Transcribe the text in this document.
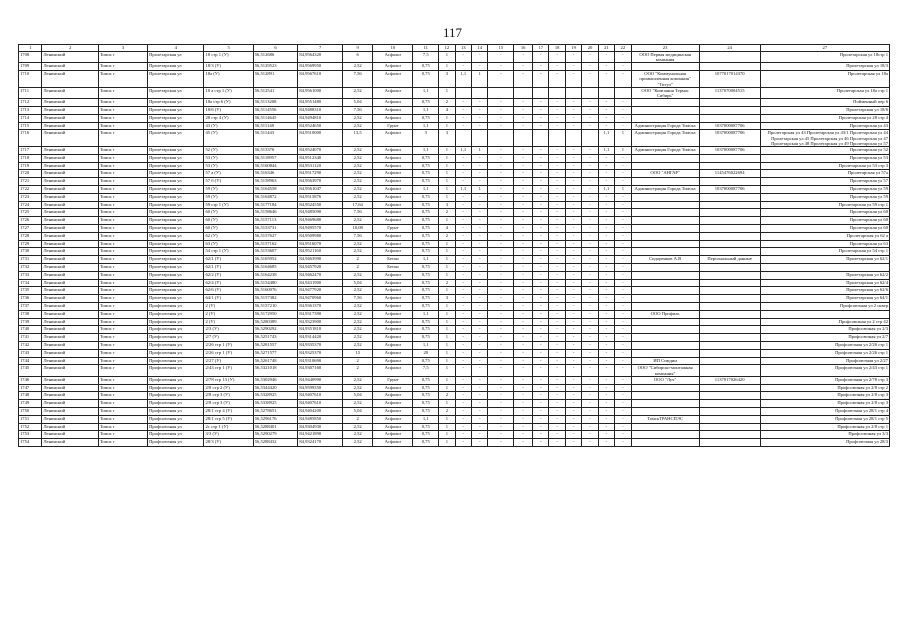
117
1	2	3	4	5	6	7	9	10	11	12	13	14	15	16	17	18	19	20	21	22	23	24	27
1708	Ленинский	Томск г	Пролетарская ул	18 стр 1 (У)	56,512686	84,9564320	6	Асфальт	7,5	1	-	-	-	-	-	-	-	-	-	-	ООО Первая медицинская компания		Пролетарская ул 18стр 1
1709	Ленинский	Томск г	Пролетарская ул	18/3 (У)	56,5129523	84,9569950	2,52	Асфальт	0,75	1	-	-	-	-	-	-	-	-	-	-			Пролетарская ул 18/3
1710	Ленинский	Томск г	Пролетарская ул	18а (У)	56,512891	84,9567610	7,56	Асфальт	0,75	3	1,1	1	-	-	-	-	-	-	-	-	ООО "Коммунальная промышленная компания" "Титул"	1077017014370	Пролетарская ул 18а
1711	Ленинский	Томск г	Пролетарская ул	18 а стр 1 (У)	56,512541	84,9561000	2,52	Асфальт	1,1	1											ООО "Компания Термас Сибирь"	1137070004515	Пролетарская ул 18а стр 1
1712	Ленинский	Томск г	Пролетарская ул	18а стр 6 (У)	56,5113208	84,9551480	5,04	Асфальт	0,75	2	-	-	-	-	-	-	-	-	-	-			Пойменный пер 6
1713	Ленинский	Томск г	Пролетарская ул	18/6 (У)	56,5114556	84,9488310	7,56	Асфальт	1,1	4	-	-	-	-	-	-	-	-	-	-			Пролетарская ул 18/6
1714	Ленинский	Томск г	Пролетарская ул	28 стр 4 (У)	56,5114645	84,9494810	2,52	Асфальт	0,75	1	-	-	-	-	-	-	-	-	-	-			Пролетарская ул 28 стр 4
1715	Ленинский	Томск г	Пролетарская ул	43 (У)	56,511148	84,9524650	2,52	Грунт	1,1	1	-	-	-	-	-	-	-	-	-	-	Администрация Города Томска	1037000087706	Пролетарская ул 43
1716	Ленинский	Томск г	Пролетарская ул	45 (У)	56,511443	84,9510000	13,5	Асфальт	3	3									1,1	1	Администрация Города Томска	1037000087706	Пролетарская ул 43 Пролетарская ул 43/1 Пролетарская ул 44 Пролетарская ул 45 Пролетарская ул 46 Пролетарская ул 47 Пролетарская ул 48 Пролетарская ул 49 Пролетарская ул 57
1717	Ленинский	Томск г	Пролетарская ул	52 (У)	56,513376	84,9524070	2,52	Асфальт	1,1	1	1,1	1	-	-	-	-	-	-	1,1	1	Администрация Города Томска	1037000087706	Пролетарская ул 52
1718	Ленинский	Томск г	Пролетарская ул	53 (У)	56,5118957	84,9512340	2,52	Асфальт	0,75	1	-	-	-	-	-	-	-	-	-	-			Пролетарская ул 53
1719	Ленинский	Томск г	Пролетарская ул	53 (У)	56,5160844	84,9531120	2,52	Асфальт	0,75	1	-	-	-	-	-	-	-	-	-	-			Пролетарская ул 53 стр 3
1720	Ленинский	Томск г	Пролетарская ул	57 а (У)	56,516346	84,9517290	2,52	Асфальт	0,75	1	-	-	-	-	-	-	-	-	-	-	ООО "АНГАР"	1145476022694	Пролетарская ул 57а
1721	Ленинский	Томск г	Пролетарская ул	57 б (У)	56,5158963	84,9563970	2,52	Асфальт	0,75	1	-	-	-	-	-	-	-	-	-	-			Пролетарская ул 57
1722	Ленинский	Томск г	Пролетарская ул	59 (У)	56,5164558	84,9561047	2,52	Асфальт	1,1	1	1,1	1	-	-	-	-	-	-	1,1	1	Администрация Города Томска	1037000087706	Пролетарская ул 59
1723	Ленинский	Томск г	Пролетарская ул	59 (У)	56,5164872	84,9515876	2,52	Асфальт	0,75	1	-	-	-	-	-	-	-	-	-	-			Пролетарская ул 59
1724	Ленинский	Томск г	Пролетарская ул	59 стр 1 (У)	56,5177184	84,9524550	17,64	Асфальт	0,75	3	-	-	-	-	-	-	-	-	-	-			Пролетарская ул 59 стр 1
1725	Ленинский	Томск г	Пролетарская ул	60 (У)	56,5158646	84,9485090	7,56	Асфальт	0,75	2	-	-	-	-	-	-	-	-	-	-			Пролетарская ул 60
1726	Ленинский	Томск г	Пролетарская ул	60 (У)	56,5157113	84,9469680	2,52	Асфальт	0,75	1	-	-	-	-	-	-	-	-	-	-			Пролетарская ул 60
1727	Ленинский	Томск г	Пролетарская ул	60 (У)	56,5153731	84,9495570	10,08	Грунт	0,75	4	-	-	-	-	-	-	-	-	-	-			Пролетарская ул 60
1728	Ленинский	Томск г	Пролетарская ул	62 (У)	56,5157627	84,9509980	7,56	Асфальт	0,75	2	-	-	-	-	-	-	-	-	-	-			Пролетарская ул 62 а
1729	Ленинский	Томск г	Пролетарская ул	63 (У)	56,5157162	84,9516070	2,52	Асфальт	0,75	1	-	-	-	-	-	-	-	-	-	-			Пролетарская ул 63
1730	Ленинский	Томск г	Пролетарская ул	54 стр 1 (У)	56,5153607	84,9521160	2,52	Асфальт	0,75	1	-	-	-	-	-	-	-	-	-	-			Пролетарская ул 54 стр 1
1731	Ленинский	Томск г	Пролетарская ул	62/1 (У)	56,5165952	84,9463990	2	Бетон	1,1	1	-	-	-	-	-	-	-	-	-	-	Сидоренков А.В	Персональный данные	Пролетарская ул 62/1
1732	Ленинский	Томск г	Пролетарская ул	62/1 (У)	56,5164685	84,9457920	2	Бетон	0,75	1	-	-	-	-	-	-	-	-	-	-			
1733	Ленинский	Томск г	Пролетарская ул	62/2 (У)	56,5164238	84,9462470	2,52	Асфальт	0,75	1	-	-	-	-	-	-	-	-	-	-			Пролетарская ул 62/2
1734	Ленинский	Томск г	Пролетарская ул	62/4 (У)	56,5154480	84,9431900	5,04	Асфальт	0,75	2	-	-	-	-	-	-	-	-	-	-			Пролетарская ул 62/4
1735	Ленинский	Томск г	Пролетарская ул	62/6 (У)	56,5160076	84,9477920	2,52	Асфальт	0,75	1	-	-	-	-	-	-	-	-	-	-			Пролетарская ул 62/6
1736	Ленинский	Томск г	Пролетарская ул	64/1 (У)	56,5157382	84,9470960	7,56	Асфальт	0,75	3	-	-	-	-	-	-	-	-	-	-			Пролетарская ул 64/1
1737	Ленинский	Томск г	Профсоюзная ул	2 (У)	56,5157210	84,9361370	2,52	Асфальт	0,75	1	-	-	-	-	-	-	-	-	-	-			Профсоюзная ул 2 сквер
1738	Ленинский	Томск г	Профсоюзная ул	2 (У)	56,5172950	84,9317390	2,52	Асфальт	1,1	1	-	-	-	-	-	-	-	-	-	-	ООО Профиль		
1739	Ленинский	Томск г	Профсоюзная ул	2 (У)	56,5280389	84,9323900	2,52	Асфальт	0,75	1	-	-	-	-	-	-	-	-	-	-			Профсоюзная ул 2 стр 42
1740	Ленинский	Томск г	Профсоюзная ул	2/3 (У)	56,5290292	84,9351810	2,52	Асфальт	0,75	1	-	-	-	-	-	-	-	-	-	-			Профсоюзная ул 2/3
1741	Ленинский	Томск г	Профсоюзная ул	2/7 (У)	56,5251743	84,9314420	2,52	Асфальт	0,75	1	-	-	-	-	-	-	-	-	-	-			Профсоюзная ул 2/7
1742	Ленинский	Томск г	Профсоюзная ул	2/26 стр 1 (У)	56,5281557	84,9335370	2,52	Асфальт	1,1	1	-	-	-	-	-	-	-	-	-	-			Профсоюзная ул 2/26 стр 1
1743	Ленинский	Томск г	Профсоюзная ул	2/26 стр 1 (У)	56,5271577	84,9325370	15	Асфальт	20	1	-	-	-	-	-	-	-	-	-	-			Профсоюзная ул 2/26 стр 1
1744	Ленинский	Томск г	Профсоюзная ул	2/27 (У)	56,5261748	84,9310690	2	Асфальт	0,75	1	-	-	-	-	-	-	-	-	-	-	ИП Симдин		Профсоюзная ул 2/27
1745	Ленинский	Томск г	Профсоюзная ул	2/43 стр 1 (У)	56,5321018	84,9307160	2	Асфальт	7,5	1	-	-	-	-	-	-	-	-	-	-	ООО "Сибирско-монтажная компания"		Профсоюзная ул 2/43 стр 1
1746	Ленинский	Томск г	Профсоюзная ул	2/78 стр 13 (У)	56,5302946	84,9440990	2,52	Грунт	0,75	1	-	-	-	-	-	-	-	-	-	-	ООО "Луч"	1137017026420	Профсоюзная ул 2/78 стр 3
1747	Ленинский	Томск г	Профсоюзная ул	2/8 стр 2 (У)	56,5344420	84,9599350	2,52	Асфальт	0,75	1	-	-	-	-	-	-	-	-	-	-			Профсоюзная ул 2/8 стр 2
1748	Ленинский	Томск г	Профсоюзная ул	2/8 стр 3 (У)	56,5328925	84,9407610	5,04	Асфальт	0,75	2	-	-	-	-	-	-	-	-	-	-			Профсоюзная ул 2/8 стр 3
1749	Ленинский	Томск г	Профсоюзная ул	2/8 стр 3 (У)	56,5338925	84,9407610	2,52	Асфальт	0,75	1	-	-	-	-	-	-	-	-	-	-			Профсоюзная ул 2/8 стр 3
1750	Ленинский	Томск г	Профсоюзная ул	28/1 стр 4 (У)	56,5278651	84,9404200	5,04	Асфальт	0,75	2	-	-	-	-	-	-	-	-	-	-			Профсоюзная ул 28/1 стр 4
1751	Ленинский	Томск г	Профсоюзная ул	28/1 стр 5 (У)	56,5296176	84,9485850	2	Асфальт	1,1	1	-	-	-	-	-	-	-	-	-	-	ТомскТРАНСПЭС		Профсоюзная ул 28/1 стр 5
1752	Ленинский	Томск г	Профсоюзная ул	2с стр 1 (У)	56,5288401	84,9304930	2,52	Асфальт	0,75	1	-	-	-	-	-	-	-	-	-	-			Профсоюзная ул 2/8 стр 1
1753	Ленинский	Томск г	Профсоюзная ул	3/3 (У)	56,5290279	84,9421890	2,52	Асфальт	0,75	1	-	-	-	-	-	-	-	-	-	-			Профсоюзная ул 3/3
1754	Ленинский	Томск г	Профсоюзная ул	28/3 (У)	56,5288432	84,9324170	2,52	Асфальт	0,75	1	-	-	-	-	-	-	-	-	-	-			Профсоюзная ул 28/3
